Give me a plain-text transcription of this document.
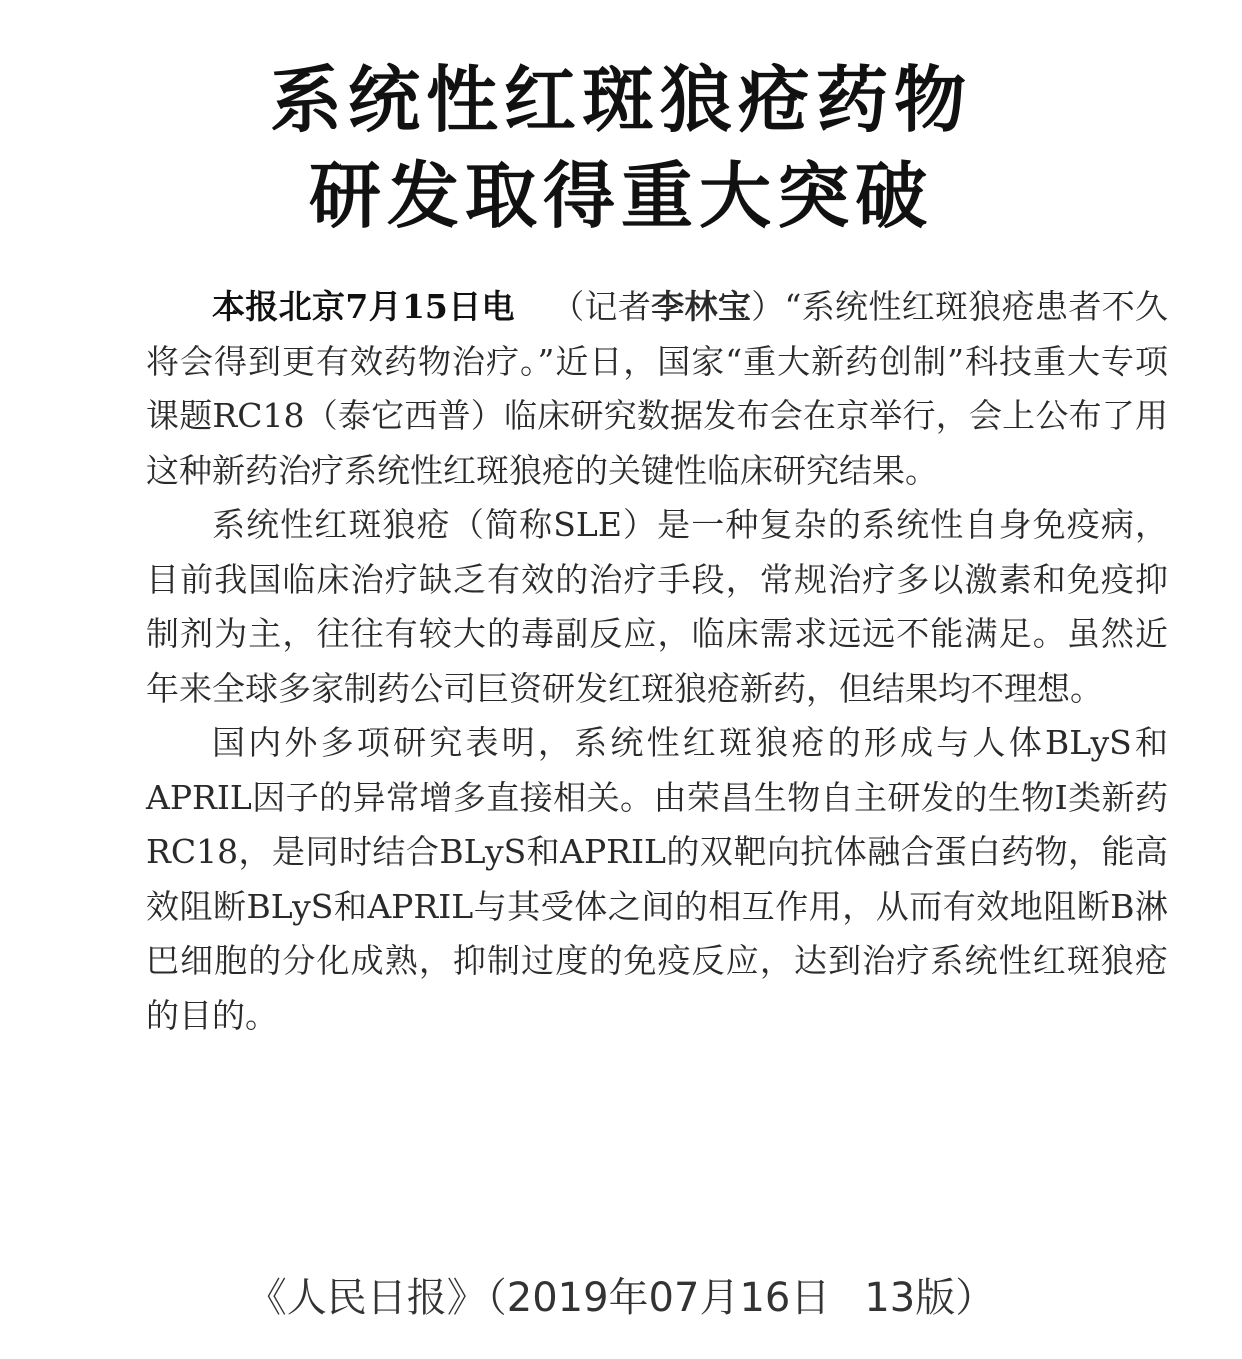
系统性红斑狼疮药物
研发取得重大突破

本报北京7月15日电 （记者李林宝）“系统性红斑狼疮患者不久将会得到更有效药物治疗。”近日，国家“重大新药创制”科技重大专项课题RC18（泰它西普）临床研究数据发布会在京举行，会上公布了用这种新药治疗系统性红斑狼疮的关键性临床研究结果。

系统性红斑狼疮（简称SLE）是一种复杂的系统性自身免疫病，目前我国临床治疗缺乏有效的治疗手段，常规治疗多以激素和免疫抑制剂为主，往往有较大的毒副反应，临床需求远远不能满足。虽然近年来全球多家制药公司巨资研发红斑狼疮新药，但结果均不理想。

国内外多项研究表明，系统性红斑狼疮的形成与人体BLyS和APRIL因子的异常增多直接相关。由荣昌生物自主研发的生物Ⅰ类新药RC18，是同时结合BLyS和APRIL的双靶向抗体融合蛋白药物，能高效阻断BLyS和APRIL与其受体之间的相互作用，从而有效地阻断B淋巴细胞的分化成熟，抑制过度的免疫反应，达到治疗系统性红斑狼疮的目的。

《人民日报》（2019年07月16日 13版）
